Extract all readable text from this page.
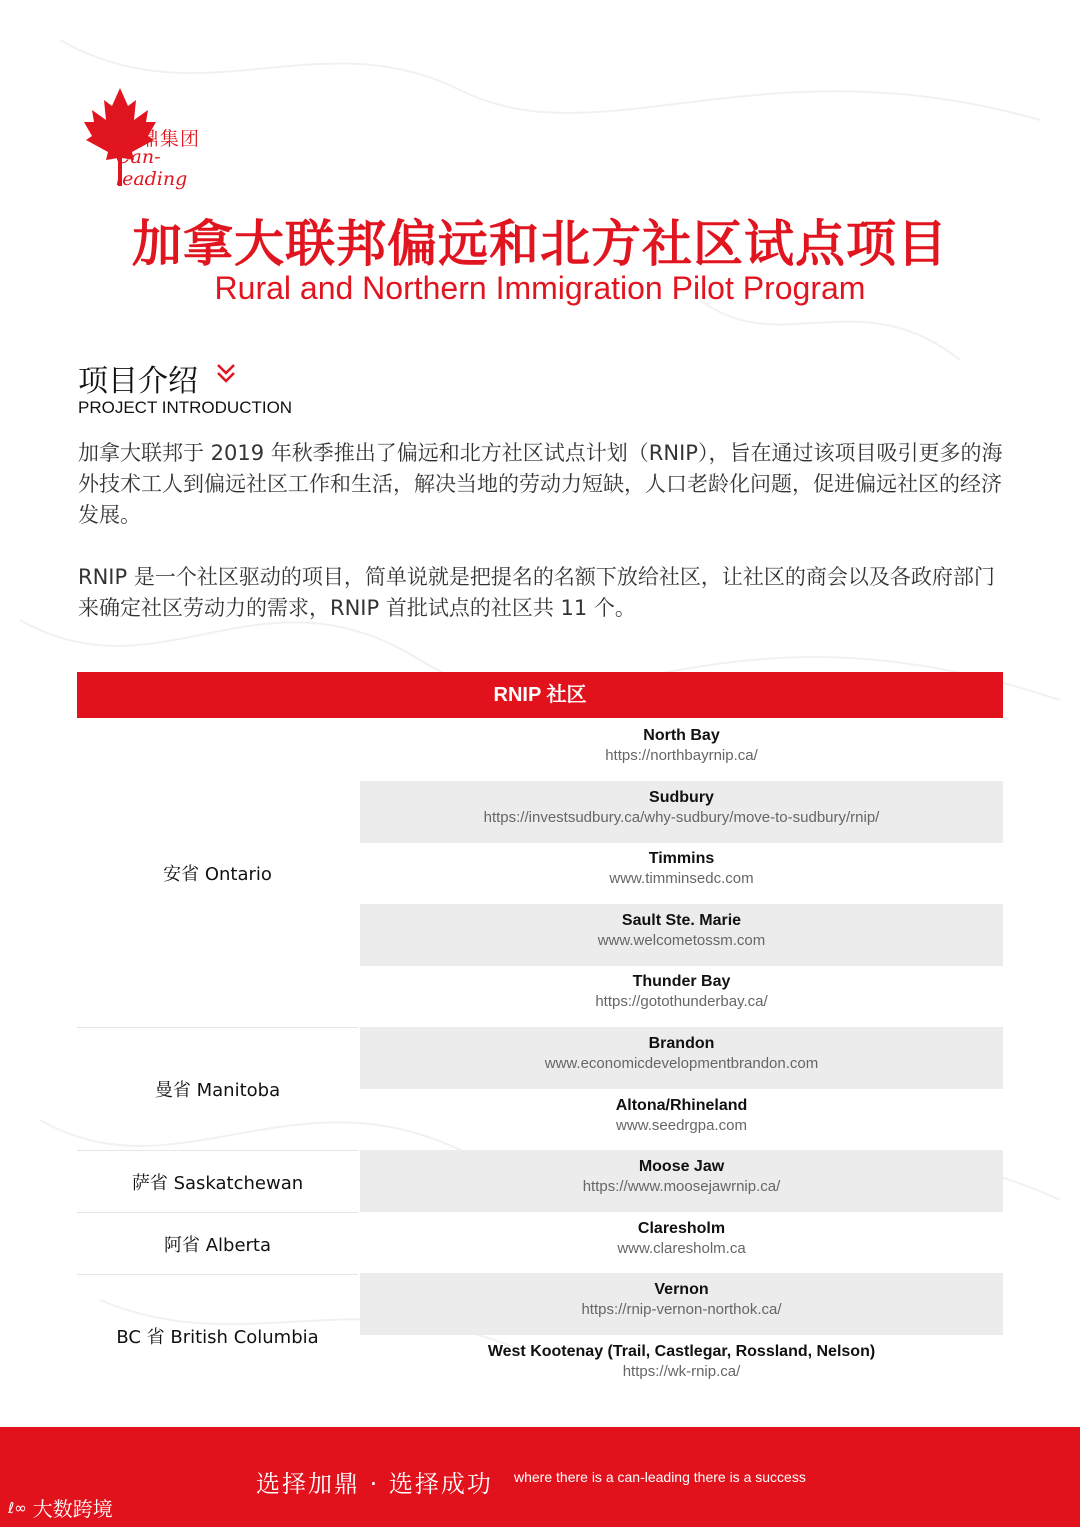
加鼎集团
Can-leading
加拿大联邦偏远和北方社区试点项目
Rural and Northern Immigration Pilot Program
项目介绍
PROJECT INTRODUCTION
加拿大联邦于 2019 年秋季推出了偏远和北方社区试点计划（RNIP），旨在通过该项目吸引更多的海外技术工人到偏远社区工作和生活，解决当地的劳动力短缺，人口老龄化问题，促进偏远社区的经济发展。
RNIP 是一个社区驱动的项目，简单说就是把提名的名额下放给社区，让社区的商会以及各政府部门来确定社区劳动力的需求，RNIP 首批试点的社区共 11 个。
RNIP 社区
安省 Ontario
曼省 Manitoba
萨省 Saskatchewan
阿省 Alberta
BC 省 British Columbia
North Bay
https://northbayrnip.ca/
Sudbury
https://investsudbury.ca/why-sudbury/move-to-sudbury/rnip/
Timmins
www.timminsedc.com
Sault Ste. Marie
www.welcometossm.com
Thunder Bay
https://gotothunderbay.ca/
Brandon
www.economicdevelopmentbrandon.com
Altona/Rhineland
www.seedrgpa.com
Moose Jaw
https://www.moosejawrnip.ca/
Claresholm
www.claresholm.ca
Vernon
https://rnip-vernon-northok.ca/
West Kootenay (Trail, Castlegar, Rossland, Nelson)
https://wk-rnip.ca/
选择加鼎 · 选择成功 where there is a can-leading there is a success
ℓ∞ 大数跨境
